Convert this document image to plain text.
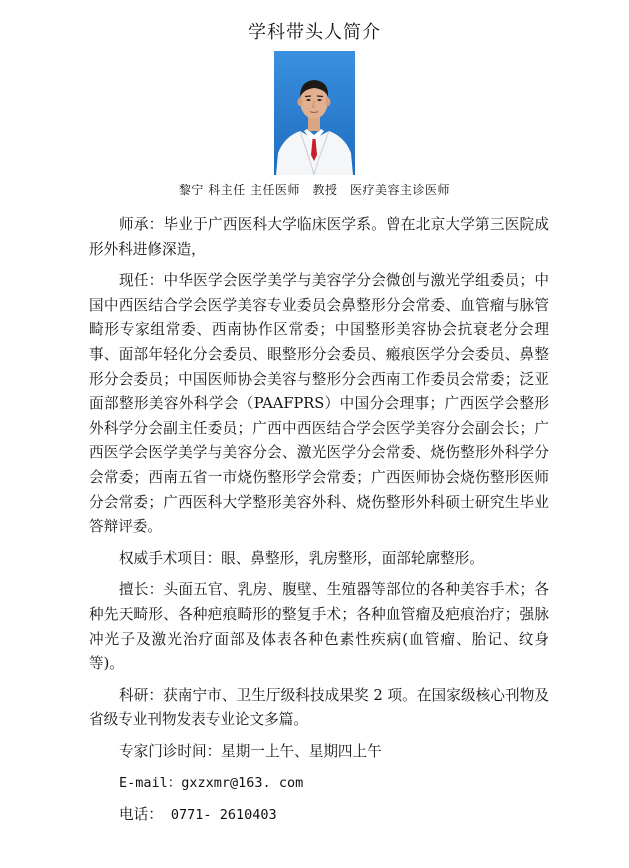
学科带头人简介
黎宁 科主任 主任医师　教授　医疗美容主诊医师
师承：毕业于广西医科大学临床医学系。曾在北京大学第三医院成形外科进修深造，
现任：中华医学会医学美学与美容学分会微创与激光学组委员；中国中西医结合学会医学美容专业委员会鼻整形分会常委、血管瘤与脉管畸形专家组常委、西南协作区常委；中国整形美容协会抗衰老分会理事、面部年轻化分会委员、眼整形分会委员、瘢痕医学分会委员、鼻整形分会委员；中国医师协会美容与整形分会西南工作委员会常委；泛亚面部整形美容外科学会（PAAFPRS）中国分会理事；广西医学会整形外科学分会副主任委员；广西中西医结合学会医学美容分会副会长；广西医学会医学美学与美容分会、激光医学分会常委、烧伤整形外科学分会常委；西南五省一市烧伤整形学会常委；广西医师协会烧伤整形医师分会常委；广西医科大学整形美容外科、烧伤整形外科硕士研究生毕业答辩评委。
权威手术项目：眼、鼻整形，乳房整形，面部轮廓整形。
擅长：头面五官、乳房、腹壁、生殖器等部位的各种美容手术；各种先天畸形、各种疤痕畸形的整复手术；各种血管瘤及疤痕治疗；强脉冲光子及激光治疗面部及体表各种色素性疾病(血管瘤、胎记、纹身等)。
科研：获南宁市、卫生厅级科技成果奖 2 项。在国家级核心刊物及省级专业刊物发表专业论文多篇。
专家门诊时间：星期一上午、星期四上午
E-mail：gxzxmr@163. com
电话： 0771- 2610403
